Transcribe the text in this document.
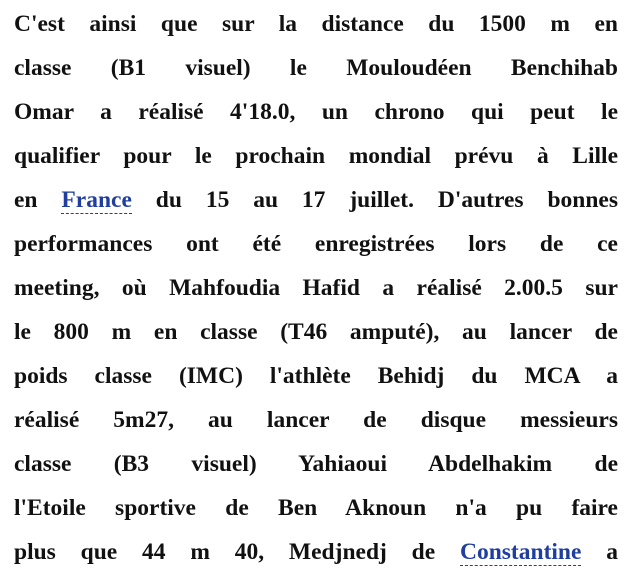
C'est ainsi que sur la distance du 1500 m en
classe (B1 visuel) le Mouloudéen Benchihab
Omar a réalisé 4'18.0, un chrono qui peut le
qualifier pour le prochain mondial prévu à Lille
en France du 15 au 17 juillet. D'autres bonnes
performances ont été enregistrées lors de ce
meeting, où Mahfoudia Hafid a réalisé 2.00.5 sur
le 800 m en classe (T46 amputé), au lancer de
poids classe (IMC) l'athlète Behidj du MCA a
réalisé 5m27, au lancer de disque messieurs
classe (B3 visuel) Yahiaoui Abdelhakim de
l'Etoile sportive de Ben Aknoun n'a pu faire
plus que 44 m 40, Medjnedj de Constantine a
